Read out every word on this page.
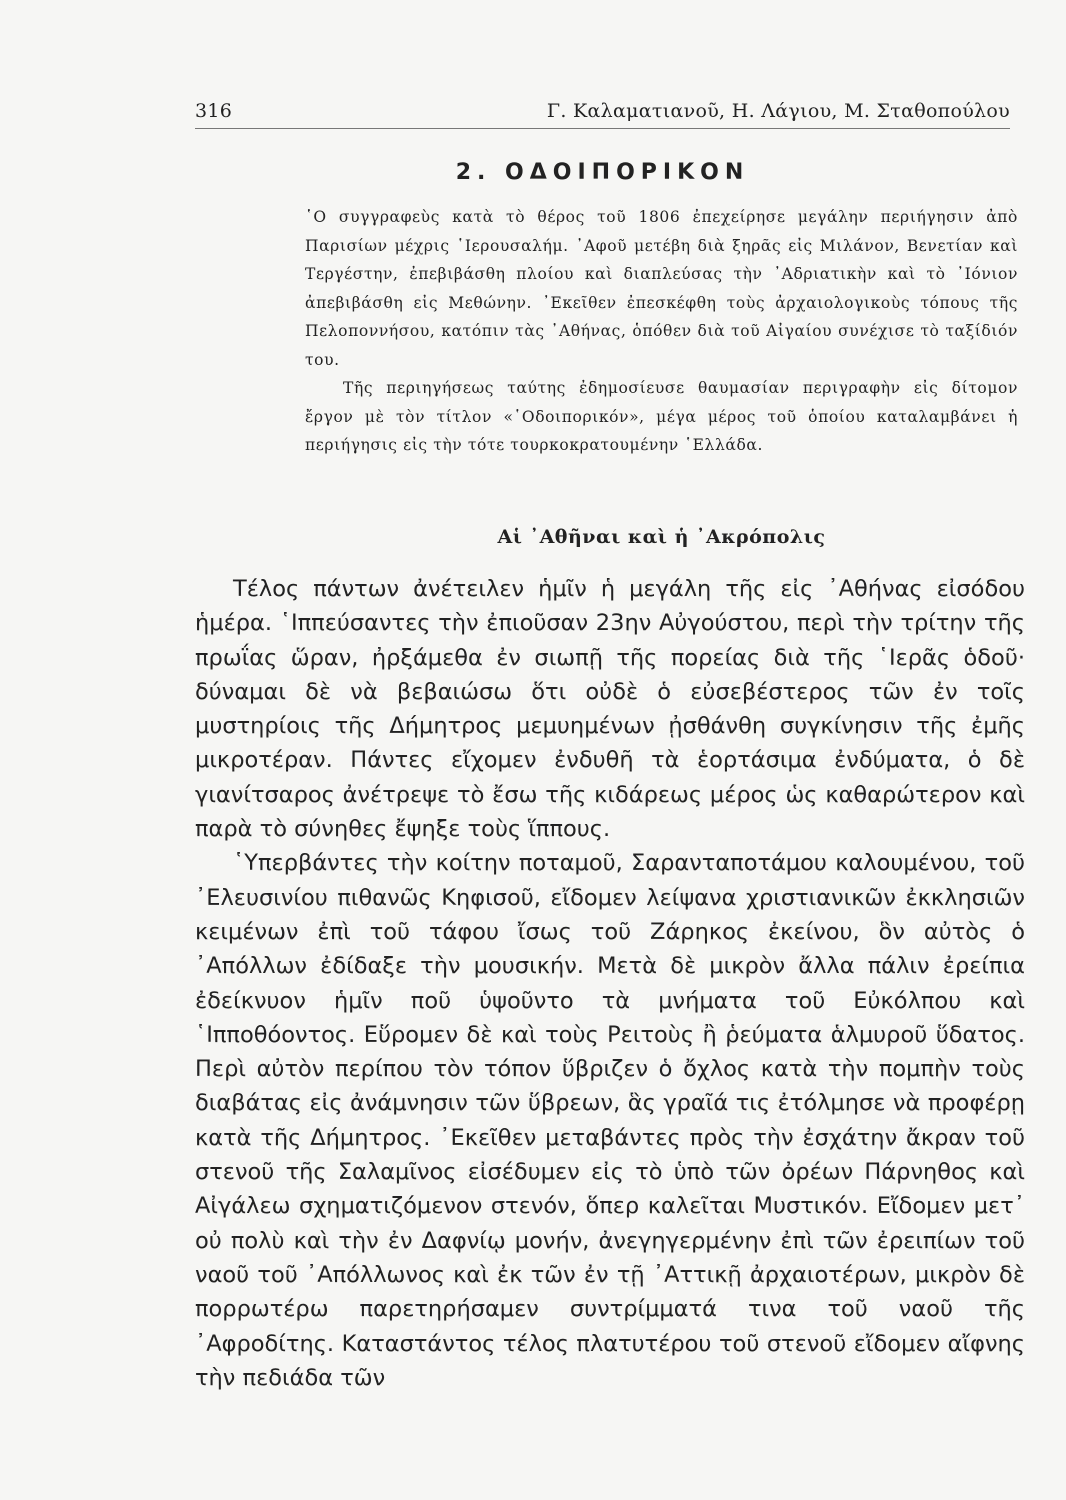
316	Γ. Καλαματιανοῦ, Η. Λάγιου, Μ. Σταθοπούλου
2. ΟΔΟΙΠΟΡΙΚΟΝ

῾Ο συγγραφεὺς κατὰ τὸ θέρος τοῦ 1806 ἐπεχείρησε μεγάλην περιήγησιν ἀπὸ Παρισίων μέχρις ῾Ιερουσαλήμ. ᾿Αφοῦ μετέβη διὰ ξηρᾶς εἰς Μιλάνον, Βενετίαν καὶ Τεργέστην, ἐπεβιβάσθη πλοίου καὶ διαπλεύσας τὴν ᾿Αδριατικὴν καὶ τὸ ᾿Ιόνιον ἀπεβιβάσθη εἰς Μεθώνην. ᾿Εκεῖθεν ἐπεσκέφθη τοὺς ἀρχαιολογικοὺς τόπους τῆς Πελοποννήσου, κατόπιν τὰς ᾿Αθήνας, ὁπόθεν διὰ τοῦ Αἰγαίου συνέχισε τὸ ταξίδιόν του.

Τῆς περιηγήσεως ταύτης ἐδημοσίευσε θαυμασίαν περιγραφὴν εἰς δίτομον ἔργον μὲ τὸν τίτλον «῾Οδοιπορικόν», μέγα μέρος τοῦ ὁποίου καταλαμβάνει ἡ περιήγησις εἰς τὴν τότε τουρκοκρατουμένην ῾Ελλάδα.

Αἱ ᾿Αθῆναι καὶ ἡ ᾿Ακρόπολις

Τέλος πάντων ἀνέτειλεν ἡμῖν ἡ μεγάλη τῆς εἰς ᾿Αθήνας εἰσόδου ἡμέρα. ῾Ιππεύσαντες τὴν ἐπιοῦσαν 23ην Αὐγούστου, περὶ τὴν τρίτην τῆς πρωΐας ὥραν, ἠρξάμεθα ἐν σιωπῇ τῆς πορείας διὰ τῆς ῾Ιερᾶς ὁδοῦ· δύναμαι δὲ νὰ βεβαιώσω ὅτι οὐδὲ ὁ εὐσεβέστερος τῶν ἐν τοῖς μυστηρίοις τῆς Δήμητρος μεμυημένων ᾐσθάνθη συγκίνησιν τῆς ἐμῆς μικροτέραν. Πάντες εἴχομεν ἐνδυθῆ τὰ ἑορτάσιμα ἐνδύματα, ὁ δὲ γιανίτσαρος ἀνέτρεψε τὸ ἔσω τῆς κιδάρεως μέρος ὡς καθαρώτερον καὶ παρὰ τὸ σύνηθες ἔψηξε τοὺς ἵππους.

῾Υπερβάντες τὴν κοίτην ποταμοῦ, Σαρανταποτάμου καλουμένου, τοῦ ᾿Ελευσινίου πιθανῶς Κηφισοῦ, εἴδομεν λείψανα χριστιανικῶν ἐκκλησιῶν κειμένων ἐπὶ τοῦ τάφου ἴσως τοῦ Ζάρηκος ἐκείνου, ὃν αὐτὸς ὁ ᾿Απόλλων ἐδίδαξε τὴν μουσικήν. Μετὰ δὲ μικρὸν ἄλλα πάλιν ἐρείπια ἐδείκνυον ἡμῖν ποῦ ὑψοῦντο τὰ μνήματα τοῦ Εὐκόλπου καὶ ῾Ιπποθόοντος. Εὕρομεν δὲ καὶ τοὺς Ρειτοὺς ἢ ῥεύματα ἁλμυροῦ ὕδατος. Περὶ αὐτὸν περίπου τὸν τόπον ὕβριζεν ὁ ὄχλος κατὰ τὴν πομπὴν τοὺς διαβάτας εἰς ἀνάμνησιν τῶν ὕβρεων, ἃς γραῖά τις ἐτόλμησε νὰ προφέρῃ κατὰ τῆς Δήμητρος. ᾿Εκεῖθεν μεταβάντες πρὸς τὴν ἐσχάτην ἄκραν τοῦ στενοῦ τῆς Σαλαμῖνος εἰσέδυμεν εἰς τὸ ὑπὸ τῶν ὀρέων Πάρνηθος καὶ Αἰγάλεω σχηματιζόμενον στενόν, ὅπερ καλεῖται Μυστικόν. Εἴδομεν μετ᾿ οὐ πολὺ καὶ τὴν ἐν Δαφνίῳ μονήν, ἀνεγηγερμένην ἐπὶ τῶν ἐρειπίων τοῦ ναοῦ τοῦ ᾿Απόλλωνος καὶ ἐκ τῶν ἐν τῇ ᾿Αττικῇ ἀρχαιοτέρων, μικρὸν δὲ πορρωτέρω παρετηρήσαμεν συντρίμματά τινα τοῦ ναοῦ τῆς ᾿Αφροδίτης. Καταστάντος τέλος πλατυτέρου τοῦ στενοῦ εἴδομεν αἴφνης τὴν πεδιάδα τῶν
